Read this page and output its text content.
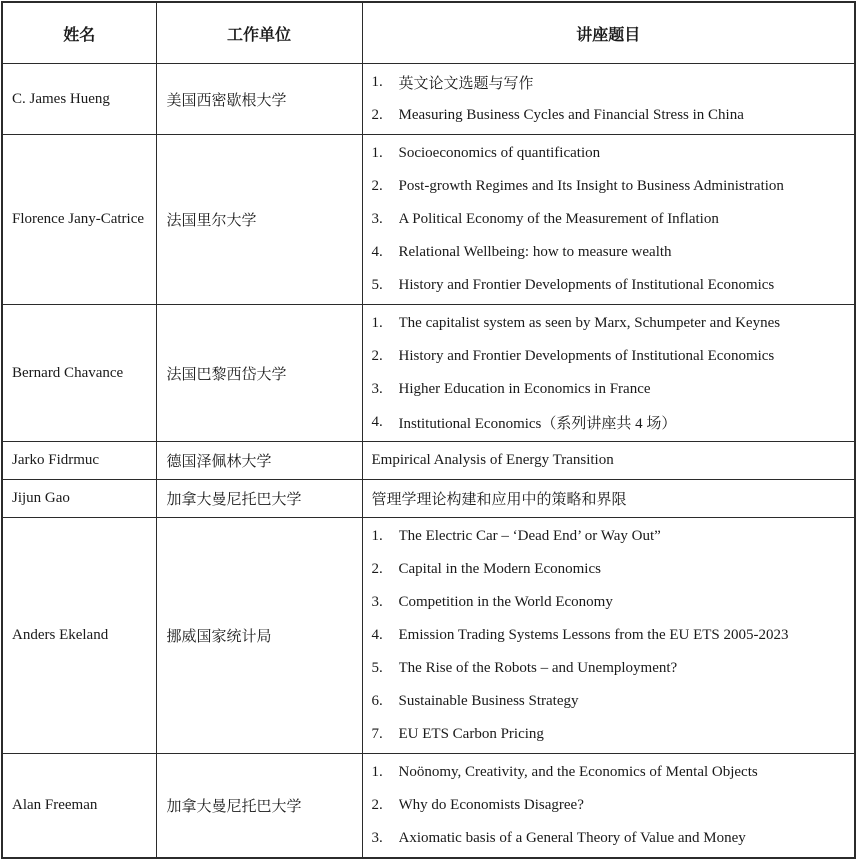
姓名	工作单位	讲座题目
C. James Hueng	美国西密歇根大学	1. 英文论文选题与写作
2. Measuring Business Cycles and Financial Stress in China

Florence Jany-Catrice	法国里尔大学	
1.	Socioeconomics of quantification
2.	Post-growth Regimes and Its Insight to Business Administration
3.	A Political Economy of the Measurement of Inflation
4.	Relational Wellbeing: how to measure wealth
5.	History and Frontier Developments of Institutional Economics

Bernard Chavance	法国巴黎西岱大学	
1.	The capitalist system as seen by Marx, Schumpeter and Keynes
2.	History and Frontier Developments of Institutional Economics
3.	Higher Education in Economics in France
4.	Institutional Economics（系列讲座共 4 场）

Jarko Fidrmuc	德国泽佩林大学	Empirical Analysis of Energy Transition

Jijun Gao	加拿大曼尼托巴大学	管理学理论构建和应用中的策略和界限

Anders Ekeland	挪威国家统计局	
1.	The Electric Car – ‘Dead End’ or Way Out”
2.	Capital in the Modern Economics
3.	Competition in the World Economy
4.	Emission Trading Systems Lessons from the EU ETS 2005-2023
5.	The Rise of the Robots – and Unemployment?
6.	Sustainable Business Strategy
7.	EU ETS Carbon Pricing

Alan Freeman	加拿大曼尼托巴大学	
1.	Noönomy, Creativity, and the Economics of Mental Objects
2.	Why do Economists Disagree?
3.	Axiomatic basis of a General Theory of Value and Money
